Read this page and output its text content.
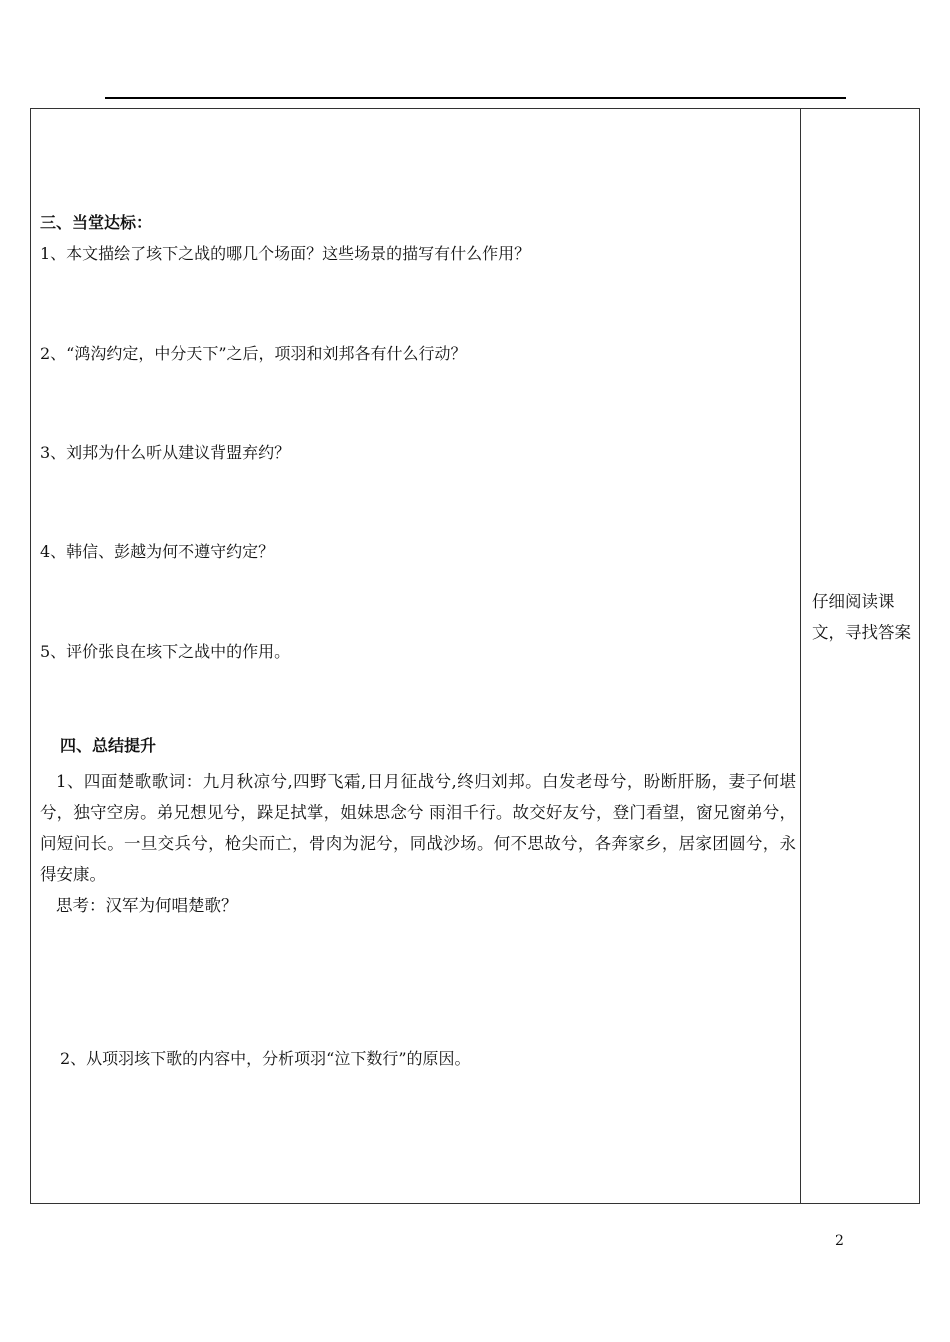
三、当堂达标：
1、本文描绘了垓下之战的哪几个场面？这些场景的描写有什么作用？
2、“鸿沟约定，中分天下”之后，项羽和刘邦各有什么行动？
3、刘邦为什么听从建议背盟弃约？
4、韩信、彭越为何不遵守约定？
5、评价张良在垓下之战中的作用。
四、总结提升

1、四面楚歌歌词：九月秋凉兮,四野飞霜,日月征战兮,终归刘邦。白发老母兮，盼断肝肠，妻子何堪兮，独守空房。弟兄想见兮，跺足拭掌，姐妹思念兮 雨泪千行。故交好友兮，登门看望，窗兄窗弟兮，问短问长。一旦交兵兮，枪尖而亡，骨肉为泥兮，同战沙场。何不思故兮，各奔家乡，居家团圆兮，永得安康。

思考：汉军为何唱楚歌？

2、从项羽垓下歌的内容中，分析项羽“泣下数行”的原因。
仔细阅读课文，寻找答案
2
